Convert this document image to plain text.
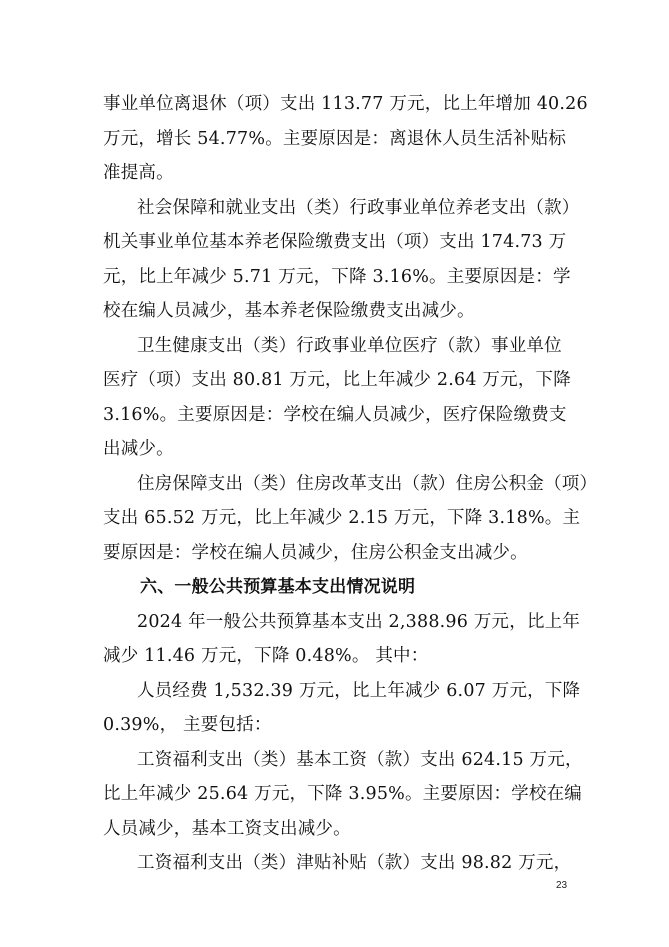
事业单位离退休（项）支出 113.77 万元，比上年增加 40.26
万元，增长 54.77%。主要原因是：离退休人员生活补贴标
准提高。
社会保障和就业支出（类）行政事业单位养老支出（款）
机关事业单位基本养老保险缴费支出（项）支出 174.73 万
元，比上年减少 5.71 万元，下降 3.16%。主要原因是：学
校在编人员减少，基本养老保险缴费支出减少。
卫生健康支出（类）行政事业单位医疗（款）事业单位
医疗（项）支出 80.81 万元，比上年减少 2.64 万元，下降
3.16%。主要原因是：学校在编人员减少，医疗保险缴费支
出减少。
住房保障支出（类）住房改革支出（款）住房公积金（项）
支出 65.52 万元，比上年减少 2.15 万元，下降 3.18%。主
要原因是：学校在编人员减少，住房公积金支出减少。
六、一般公共预算基本支出情况说明
2024 年一般公共预算基本支出 2,388.96 万元，比上年
减少 11.46 万元，下降 0.48%。 其中：
人员经费 1,532.39 万元，比上年减少 6.07 万元，下降
0.39%， 主要包括：
工资福利支出（类）基本工资（款）支出 624.15 万元，
比上年减少 25.64 万元，下降 3.95%。主要原因：学校在编
人员减少，基本工资支出减少。
工资福利支出（类）津贴补贴（款）支出 98.82 万元，
23
